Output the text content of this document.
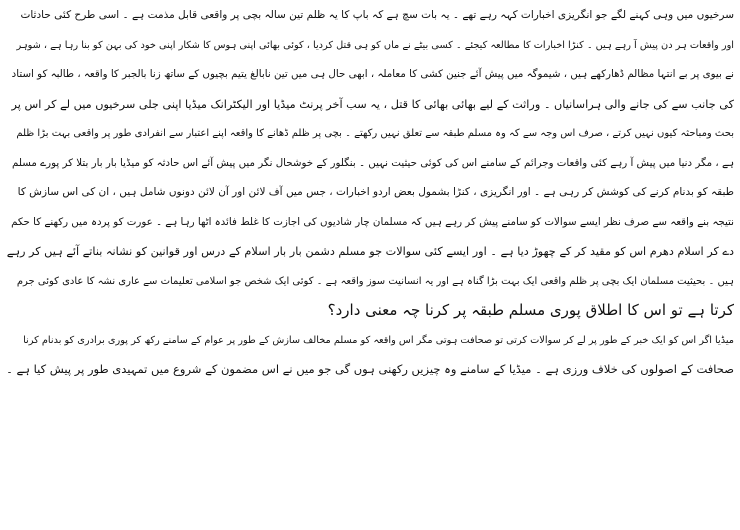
سرخیوں میں وہی کہنے لگے جو انگریزی اخبارات کہہ رہے تھے ۔ یہ بات سچ ہے کہ باپ کا یہ ظلم تین سالہ بچی پر واقعی قابل مذمت ہے ۔ اسی طرح کئی حادثات
اور واقعات ہر دن پیش آ رہے ہیں ۔ کنڑا اخبارات کا مطالعہ کیجئے ۔ کسی بیٹے نے ماں کو ہی قتل کردیا ، کوئی بھائی اپنی ہوس کا شکار اپنی خود کی بہن کو بنا رہا ہے ، شوہر
نے بیوی پر بے انتہا مظالم ڈھارکھے ہیں ، شیموگہ میں پیش آئے جنین کشی کا معاملہ ، ابھی حال ہی میں تین نابالغ یتیم بچیوں کے ساتھ زنا بالجبر کا واقعہ ، طالبہ کو استاد
کی جانب سے کی جانے والی ہراسانیاں ۔ وراثت کے لیے بھائی بھائی کا قتل ، یہ سب آخر پرنٹ میڈیا اور الیکٹرانک میڈیا اپنی جلی سرخیوں میں لے کر اس پر
بحث ومباحثہ کیوں نہیں کرتے ، صرف اس وجہ سے کہ وہ مسلم طبقہ سے تعلق نہیں رکھتے ۔ بچی پر ظلم ڈھانے کا واقعہ اپنے اعتبار سے انفرادی طور پر واقعی بہت بڑا ظلم
ہے ، مگر دنیا میں پیش آ رہے کئی واقعات وجرائم کے سامنے اس کی کوئی حیثیت نہیں ۔ بنگلور کے خوشحال نگر میں پیش آئے اس حادثہ کو میڈیا بار بار بتلا کر پورے مسلم
طبقہ کو بدنام کرنے کی کوشش کر رہی ہے ۔ اور انگریزی ، کنڑا بشمول بعض اردو اخبارات ، جس میں آف لائن اور آن لائن دونوں شامل ہیں ، ان کی اس سازش کا
نتیجہ بنے واقعہ سے صرف نظر ایسے سوالات کو سامنے پیش کر رہے ہیں کہ مسلمان چار شادیوں کی اجازت کا غلط فائدہ اٹھا رہا ہے ۔ عورت کو پردہ میں رکھنے کا حکم
دے کر اسلام دھرم اس کو مقید کر کے چھوڑ دیا ہے ۔ اور ایسے کئی سوالات جو مسلم دشمن بار بار اسلام کے درس اور قوانین کو نشانہ بناتے آئے ہیں کر رہے
ہیں ۔ بحیثیت مسلمان ایک بچی پر ظلم واقعی ایک بہت بڑا گناہ ہے اور یہ انسانیت سوز واقعہ ہے ۔ کوئی ایک شخص جو اسلامی تعلیمات سے عاری نشہ کا عادی کوئی جرم
کرتا ہے تو اس کا اطلاق پوری مسلم طبقہ پر کرنا چہ معنی دارد؟
میڈیا اگر اس کو ایک خبر کے طور پر لے کر سوالات کرتی تو صحافت ہوتی مگر اس واقعہ کو مسلم مخالف سازش کے طور پر عوام کے سامنے رکھ کر پوری برادری کو بدنام کرنا
صحافت کے اصولوں کی خلاف ورزی ہے ۔ میڈیا کے سامنے وہ چیزیں رکھنی ہوں گی جو میں نے اس مضمون کے شروع میں تمہیدی طور پر پیش کیا ہے ۔
